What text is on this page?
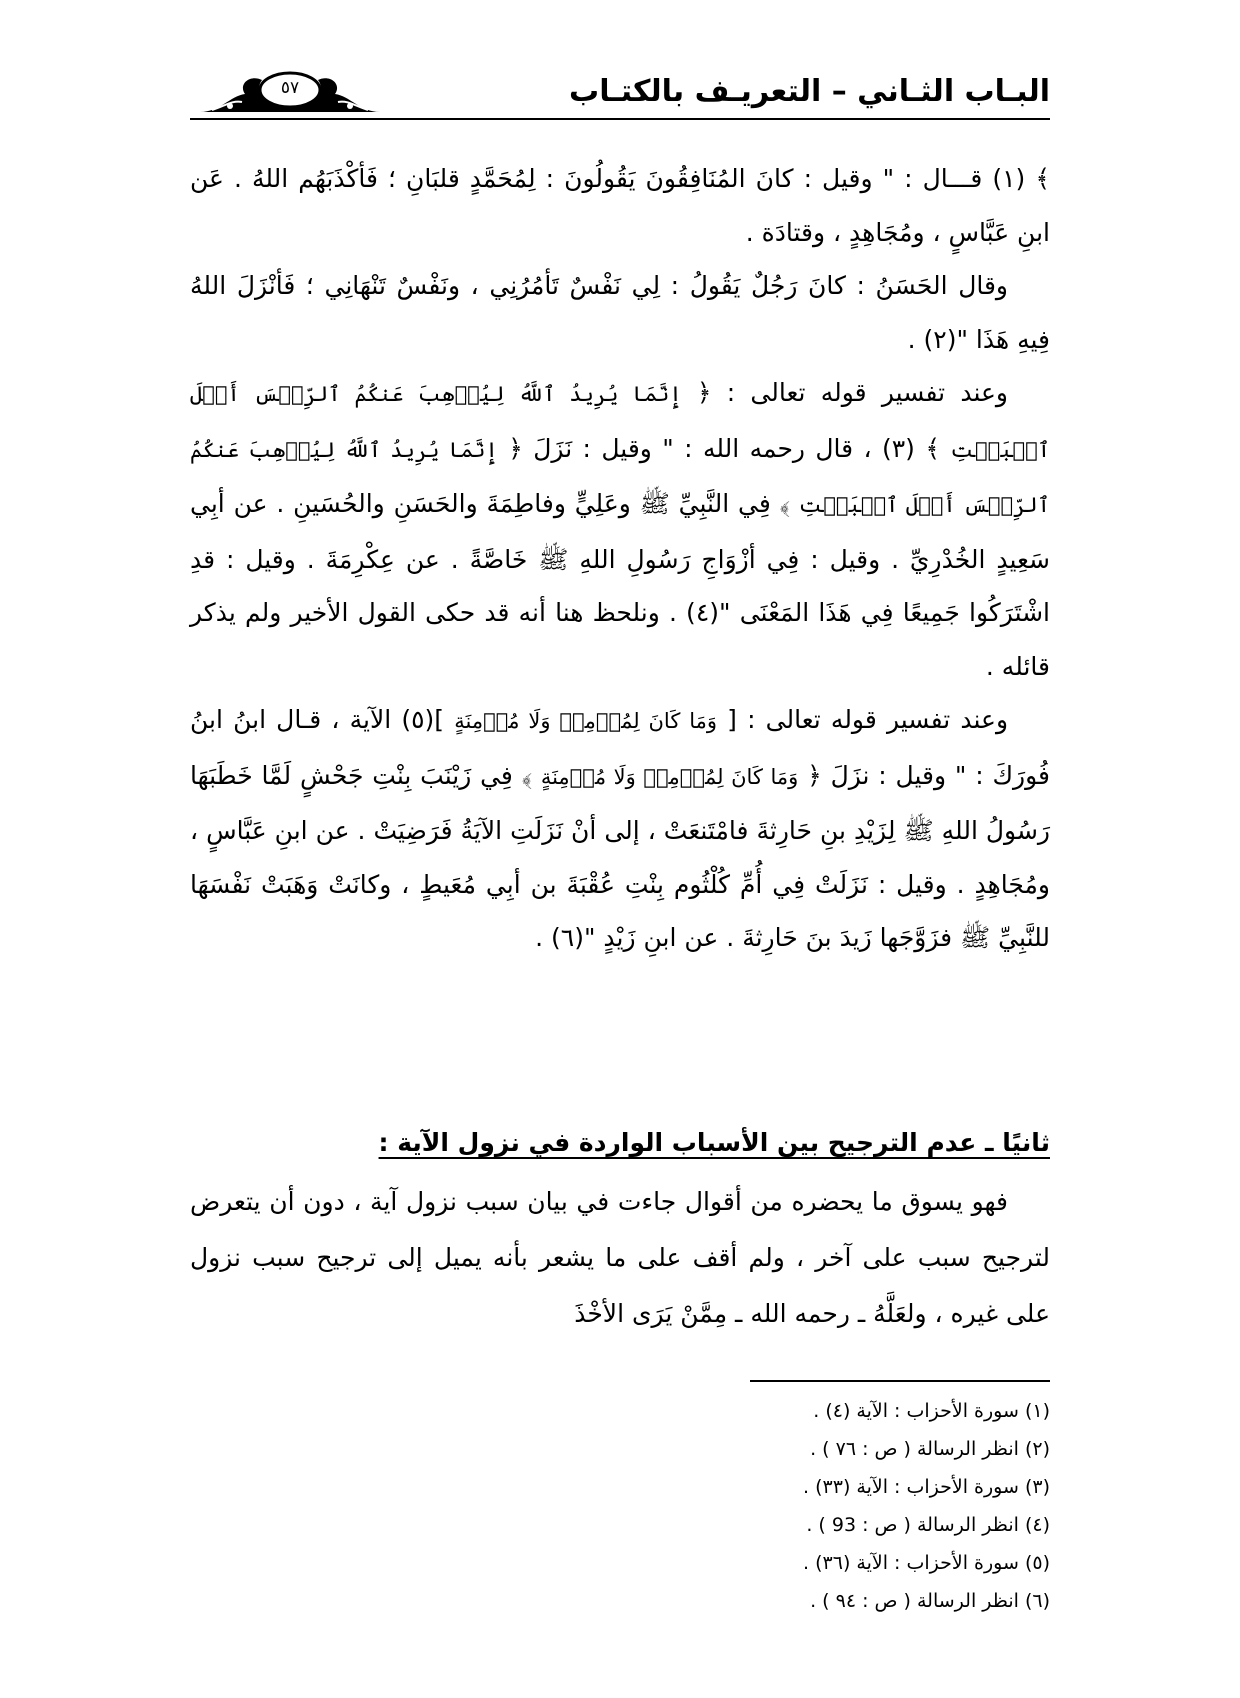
البـاب الثـاني – التعريـف بالكتـاب
٥٧

﴾ (١) قـــال : " وقيل : كانَ المُنَافِقُونَ يَقُولُونَ : لِمُحَمَّدٍ قلبَانِ ؛ فَأكْذَبَهُم اللهُ . عَن ابنِ عَبَّاسٍ ، ومُجَاهِدٍ ، وقتادَة .

وقال الحَسَنُ : كانَ رَجُلٌ يَقُولُ : لِي نَفْسٌ تَأمُرُنِي ، ونَفْسٌ تَنْهَانِي ؛ فَأنْزَلَ اللهُ فِيهِ هَذَا "(٢) .

وعند تفسير قوله تعالى : ﴿ إِنَّمَا يُرِيدُ ٱللَّهُ لِيُذۡهِبَ عَنكُمُ ٱلرِّجۡسَ أَهۡلَ ٱلۡبَيۡتِ ﴾ (٣) ، قال رحمه الله : " وقيل : نَزَلَ ﴿ إِنَّمَا يُرِيدُ ٱللَّهُ لِيُذۡهِبَ عَنكُمُ ٱلرِّجۡسَ أَهۡلَ ٱلۡبَيۡتِ ﴾ فِي النَّبِيِّ ﷺ وعَلِيٍّ وفاطِمَةَ والحَسَنِ والحُسَينِ . عن أبِي سَعِيدٍ الخُدْرِيِّ . وقيل : فِي أزْوَاجِ رَسُولِ اللهِ ﷺ خَاصَّةً . عن عِكْرِمَةَ . وقيل : قدِ اشْتَرَكُوا جَمِيعًا فِي هَذَا المَعْنَى "(٤) . ونلحظ هنا أنه قد حكى القول الأخير ولم يذكر قائله .

وعند تفسير قوله تعالى : [ وَمَا كَانَ لِمُؤۡمِنٖ وَلَا مُؤۡمِنَةٍ ](٥) الآية ، قـال ابنُ ابنُ فُورَكَ : " وقيل : نزَلَ ﴿ وَمَا كَانَ لِمُؤۡمِنٖ وَلَا مُؤۡمِنَةٍ ﴾ فِي زَيْنَبَ بِنْتِ جَحْشٍ لَمَّا خَطَبَهَا رَسُولُ اللهِ ﷺ لِزَيْدِ بنِ حَارِثةَ فامْتَنعَتْ ، إلى أنْ نَزَلَتِ الآيَةُ فَرَضِيَتْ . عن ابنِ عَبَّاسٍ ، ومُجَاهِدٍ . وقيل : نَزَلَتْ فِي أُمِّ كُلْثُوم بِنْتِ عُقْبَةَ بن أبِي مُعَيطٍ ، وكانَتْ وَهَبَتْ نَفْسَهَا للنَّبِيِّ ﷺ فزَوَّجَها زَيدَ بنَ حَارِثةَ . عن ابنِ زَيْدٍ "(٦) .

ثانيًا ـ عدم الترجيح بين الأسباب الواردة في نزول الآية :

فهو يسوق ما يحضره من أقوال جاءت في بيان سبب نزول آية ، دون أن يتعرض لترجيح سبب على آخر ، ولم أقف على ما يشعر بأنه يميل إلى ترجيح سبب نزول على غيره ، ولعَلَّهُ ـ رحمه الله ـ مِمَّنْ يَرَى الأخْذَ

(١) سورة الأحزاب : الآية (٤) .
(٢) انظر الرسالة ( ص : ٧٦ ) .
(٣) سورة الأحزاب : الآية (٣٣) .
(٤) انظر الرسالة ( ص : 93 ) .
(٥) سورة الأحزاب : الآية (٣٦) .
(٦) انظر الرسالة ( ص : ٩٤ ) .
